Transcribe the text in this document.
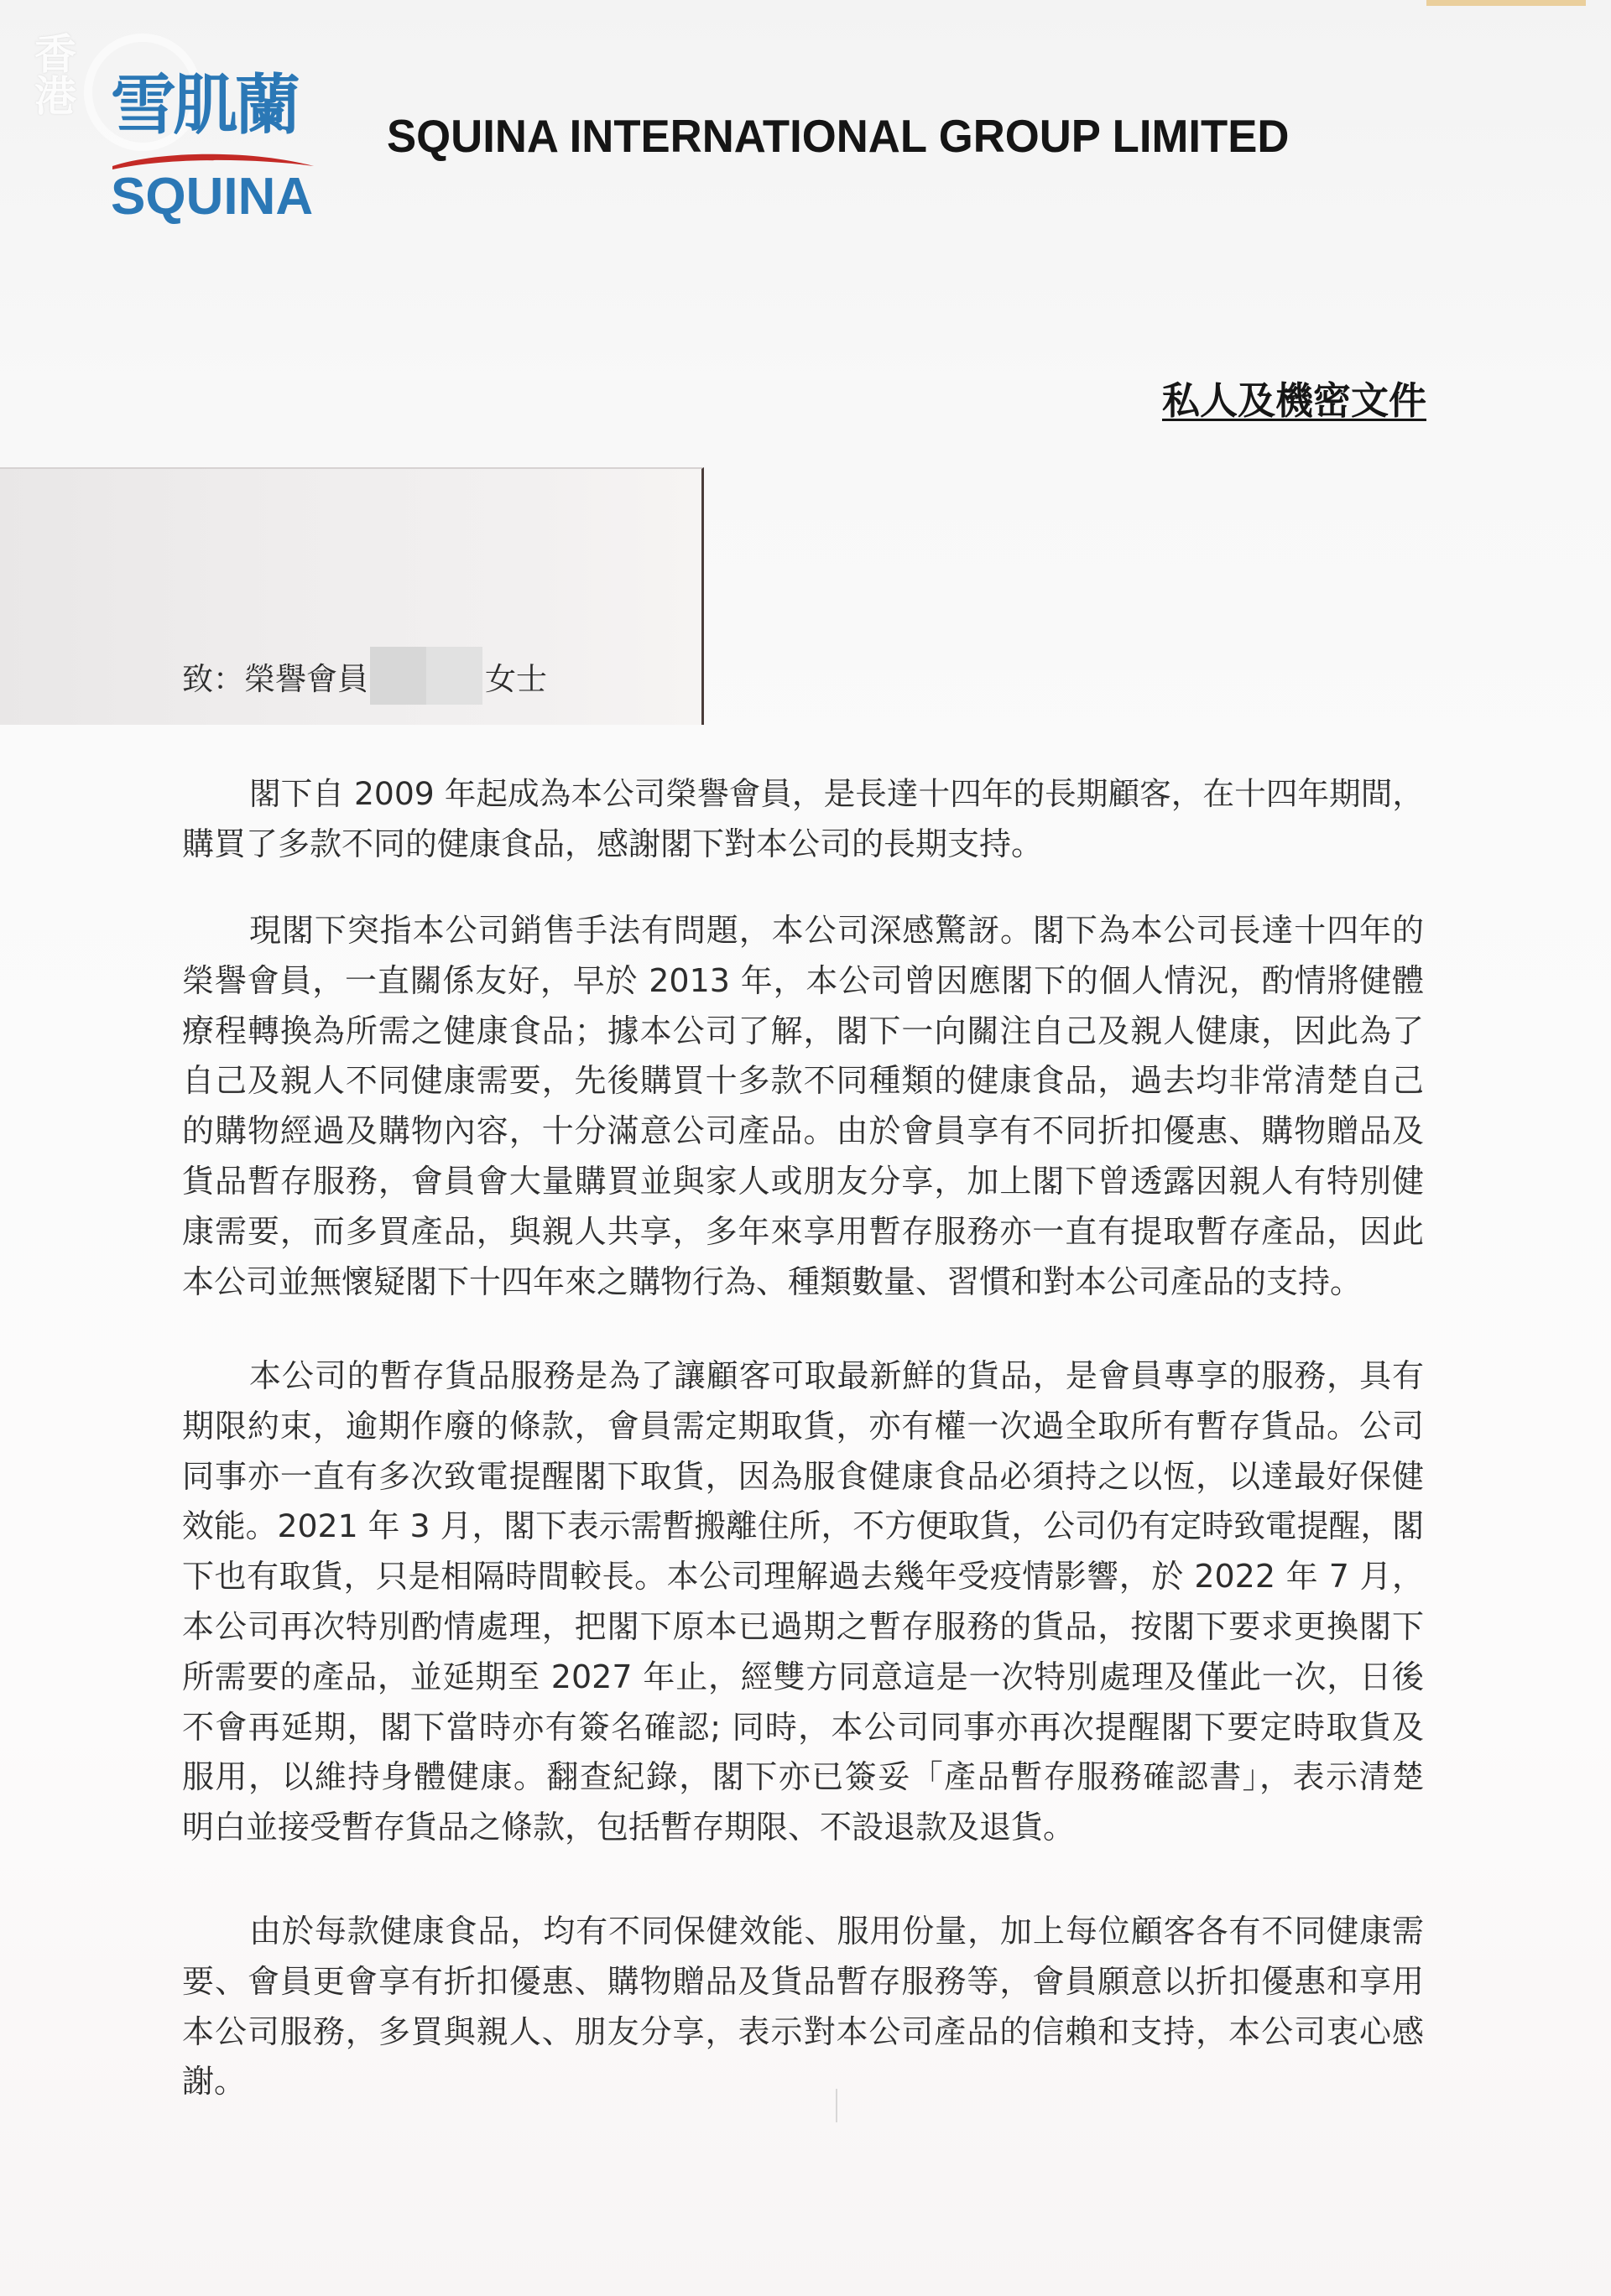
香港 雪肌蘭
SQUINA
SQUINA INTERNATIONAL GROUP LIMITED
私人及機密文件
致：榮譽會員	女士
閣下自 2009 年起成為本公司榮譽會員，是長達十四年的長期顧客，在十四年期間，
購買了多款不同的健康食品，感謝閣下對本公司的長期支持。
現閣下突指本公司銷售手法有問題，本公司深感驚訝。閣下為本公司長達十四年的
榮譽會員，一直關係友好，早於 2013 年，本公司曾因應閣下的個人情況，酌情將健體
療程轉換為所需之健康食品；據本公司了解，閣下一向關注自己及親人健康，因此為了
自己及親人不同健康需要，先後購買十多款不同種類的健康食品，過去均非常清楚自己
的購物經過及購物內容，十分滿意公司產品。由於會員享有不同折扣優惠、購物贈品及
貨品暫存服務，會員會大量購買並與家人或朋友分享，加上閣下曾透露因親人有特別健
康需要，而多買產品，與親人共享，多年來享用暫存服務亦一直有提取暫存產品，因此
本公司並無懷疑閣下十四年來之購物行為、種類數量、習慣和對本公司產品的支持。
本公司的暫存貨品服務是為了讓顧客可取最新鮮的貨品，是會員專享的服務，具有
期限約束，逾期作廢的條款，會員需定期取貨，亦有權一次過全取所有暫存貨品。公司
同事亦一直有多次致電提醒閣下取貨，因為服食健康食品必須持之以恆，以達最好保健
效能。2021 年 3 月，閣下表示需暫搬離住所，不方便取貨，公司仍有定時致電提醒，閣
下也有取貨，只是相隔時間較長。本公司理解過去幾年受疫情影響，於 2022 年 7 月，
本公司再次特別酌情處理，把閣下原本已過期之暫存服務的貨品，按閣下要求更換閣下
所需要的產品，並延期至 2027 年止，經雙方同意這是一次特別處理及僅此一次，日後
不會再延期，閣下當時亦有簽名確認; 同時，本公司同事亦再次提醒閣下要定時取貨及
服用，以維持身體健康。翻查紀錄，閣下亦已簽妥「產品暫存服務確認書」，表示清楚
明白並接受暫存貨品之條款，包括暫存期限、不設退款及退貨。
由於每款健康食品，均有不同保健效能、服用份量，加上每位顧客各有不同健康需
要、會員更會享有折扣優惠、購物贈品及貨品暫存服務等，會員願意以折扣優惠和享用
本公司服務，多買與親人、朋友分享，表示對本公司產品的信賴和支持，本公司衷心感
謝。
